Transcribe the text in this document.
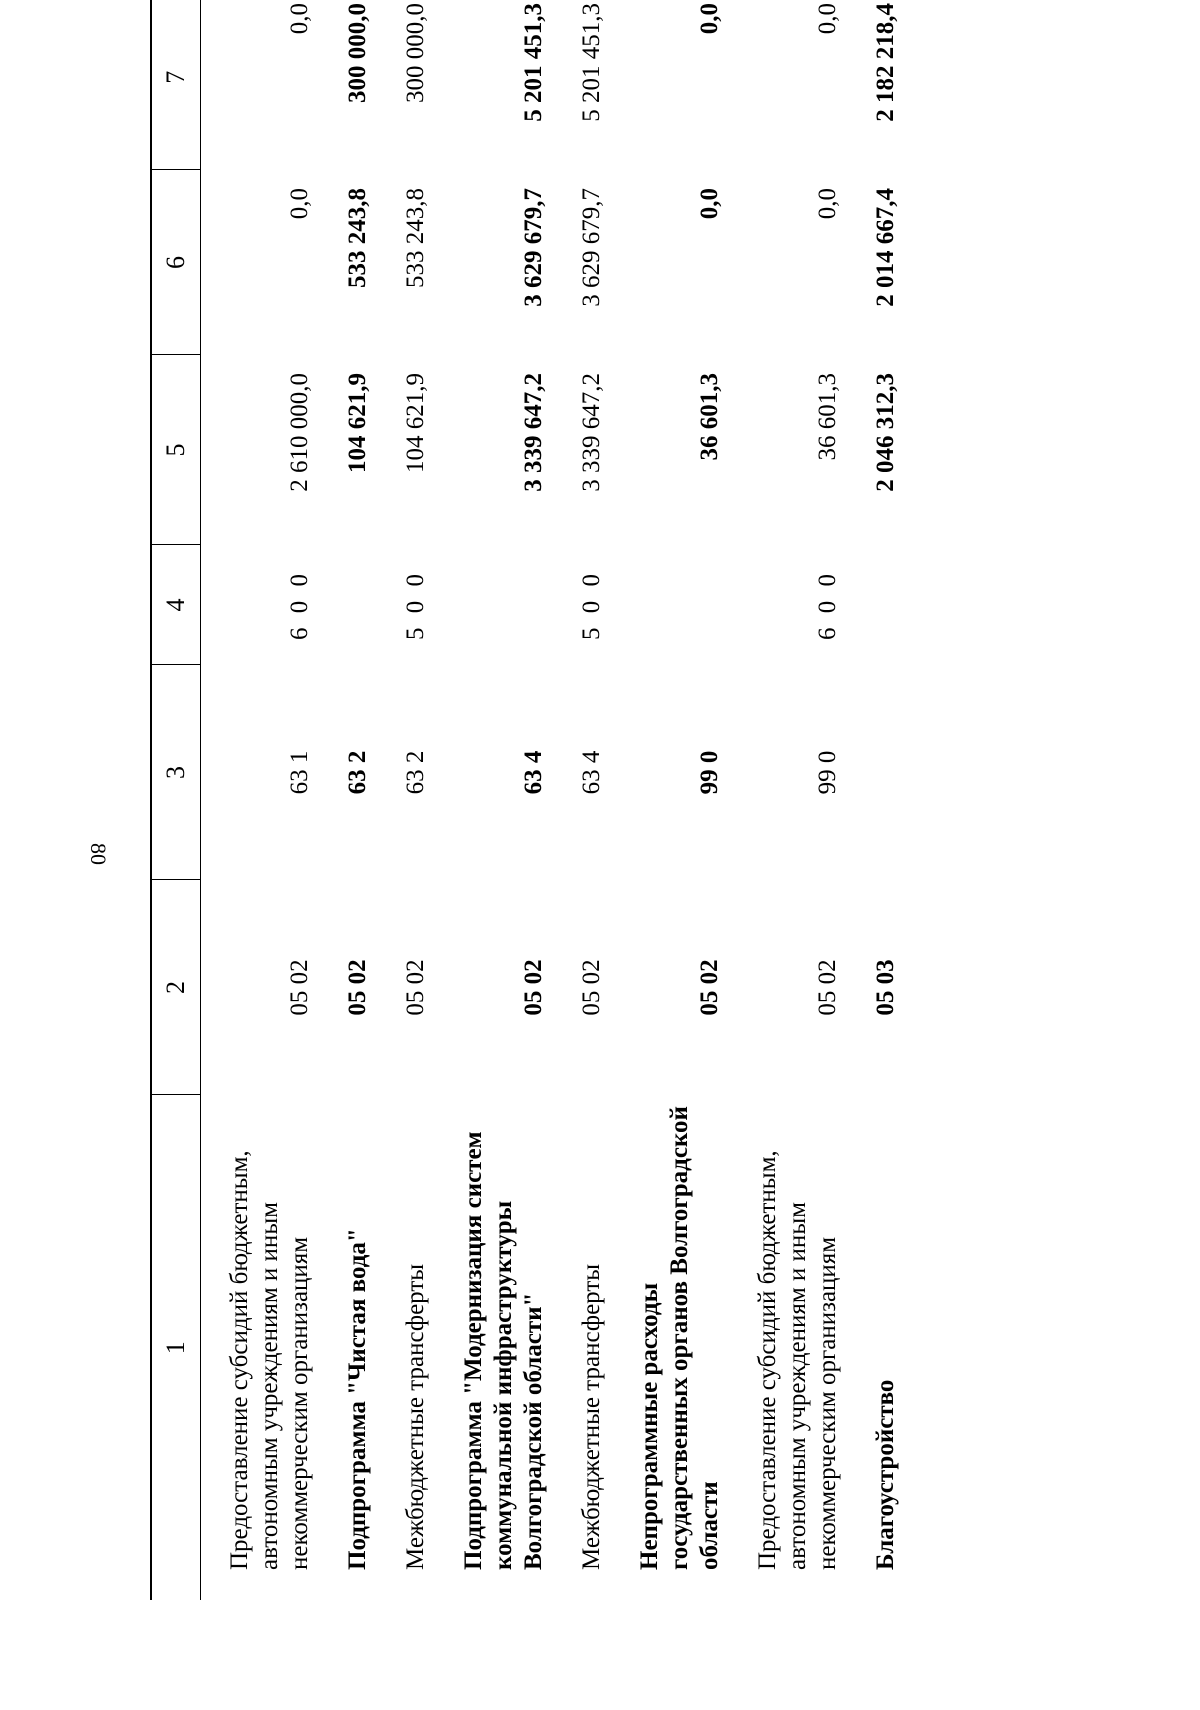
80
1	2	3	4	5	6	7

Предоставление субсидий бюджетным, автономным учреждениям и иным некоммерческим организациям	05 02	63 1	6 0 0	2 610 000,0	0,0	0,0
Подпрограмма "Чистая вода"	05 02	63 2		104 621,9	533 243,8	300 000,0
Межбюджетные трансферты	05 02	63 2	5 0 0	104 621,9	533 243,8	300 000,0
Подпрограмма "Модернизация систем коммунальной инфраструктуры Волгоградской области"	05 02	63 4		3 339 647,2	3 629 679,7	5 201 451,3
Межбюджетные трансферты	05 02	63 4	5 0 0	3 339 647,2	3 629 679,7	5 201 451,3
Непрограммные расходы государственных органов Волгоградской области	05 02	99 0		36 601,3	0,0	0,0
Предоставление субсидий бюджетным, автономным учреждениям и иным некоммерческим организациям	05 02	99 0	6 0 0	36 601,3	0,0	0,0
Благоустройство	05 03			2 046 312,3	2 014 667,4	2 182 218,4
